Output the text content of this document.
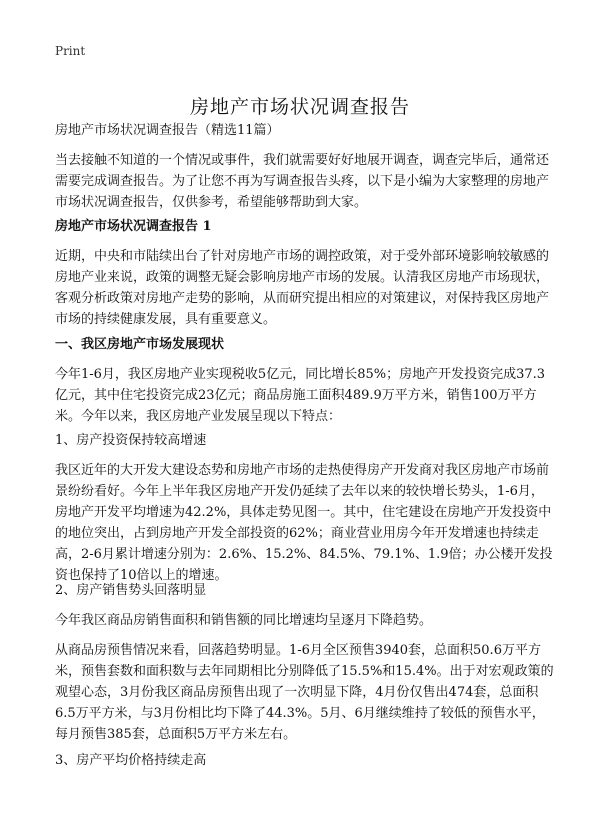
Print
房地产市场状况调查报告

房地产市场状况调查报告（精选11篇）

当去接触不知道的一个情况或事件，我们就需要好好地展开调查，调查完毕后，通常还需要完成调查报告。为了让您不再为写调查报告头疼，以下是小编为大家整理的房地产市场状况调查报告，仅供参考，希望能够帮助到大家。

房地产市场状况调查报告 1

近期，中央和市陆续出台了针对房地产市场的调控政策，对于受外部环境影响较敏感的房地产业来说，政策的调整无疑会影响房地产市场的发展。认清我区房地产市场现状，客观分析政策对房地产走势的影响，从而研究提出相应的对策建议，对保持我区房地产市场的持续健康发展，具有重要意义。

一、我区房地产市场发展现状

今年1-6月，我区房地产业实现税收5亿元，同比增长85%；房地产开发投资完成37.3亿元，其中住宅投资完成23亿元；商品房施工面积489.9万平方米，销售100万平方米。今年以来，我区房地产业发展呈现以下特点：

1、房产投资保持较高增速

我区近年的大开发大建设态势和房地产市场的走热使得房产开发商对我区房地产市场前景纷纷看好。今年上半年我区房地产开发仍延续了去年以来的较快增长势头，1-6月，房地产开发平均增速为42.2%，具体走势见图一。其中，住宅建设在房地产开发投资中的地位突出，占到房地产开发全部投资的62%；商业营业用房今年开发增速也持续走高，2-6月累计增速分别为：2.6%、15.2%、84.5%、79.1%、1.9倍；办公楼开发投资也保持了10倍以上的增速。

2、房产销售势头回落明显

今年我区商品房销售面积和销售额的同比增速均呈逐月下降趋势。

从商品房预售情况来看，回落趋势明显。1-6月全区预售3940套，总面积50.6万平方米，预售套数和面积数与去年同期相比分别降低了15.5%和15.4%。出于对宏观政策的观望心态，3月份我区商品房预售出现了一次明显下降，4月份仅售出474套，总面积6.5万平方米，与3月份相比均下降了44.3%。5月、6月继续维持了较低的预售水平，每月预售385套，总面积5万平方米左右。

3、房产平均价格持续走高
